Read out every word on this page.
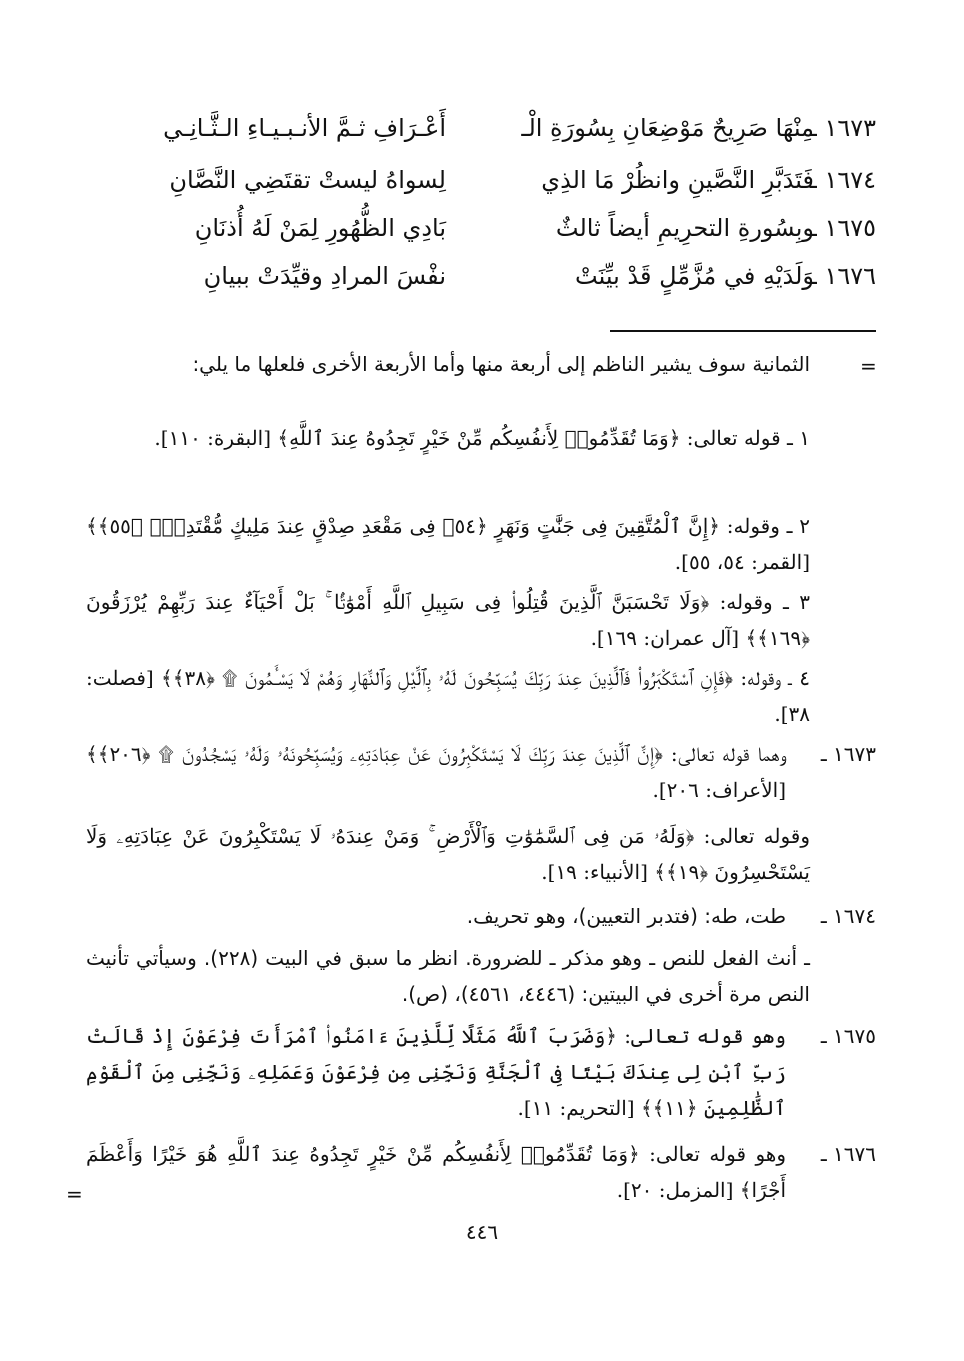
١٦٧٣ ـ
مِنْهَا صَرِيحٌ مَوْضِعَانِ بِسُورَةِ الْـ
أَعْـرَافِ ثـمَّ الأنـبـيـاءِ الـثَّـانِـي
١٦٧٤ ـ
فَتَدَبَّرِ النَّصَّينِ وانظُرْ مَا الذِي
لِسواهُ ليستْ تقتَضِي النَّصَّانِ
١٦٧٥ ـ
وبِسُورةِ التحرِيمِ أيضاً ثالثٌ
بَادِي الظُّهُورِ لِمَنْ لَهُ أُذنَانِ
١٦٧٦ ـ
وَلَدَيْهِ في مُزَّمِّلٍ قَدْ بيِّنَتْ
نفْسَ المرادِ وقيِّدَتْ ببيانِ
=
الثمانية سوف يشير الناظم إلى أربعة منها وأما الأربعة الأخرى فلعلها ما يلي:
١ ـ قوله تعالى: ﴿وَمَا تُقَدِّمُوا۟ لِأَنفُسِكُم مِّنْ خَيْرٍ تَجِدُوهُ عِندَ ٱللَّهِ﴾ [البقرة: ١١٠].
٢ ـ وقوله: ﴿إِنَّ ٱلْمُتَّقِينَ فِى جَنَّٰتٍ وَنَهَرٍ ﴿٥٤﴾ فِى مَقْعَدِ صِدْقٍ عِندَ مَلِيكٍ مُّقْتَدِرٍۭ ﴿٥٥﴾﴾ [القمر: ٥٤، ٥٥].
٣ ـ وقوله: ﴿وَلَا تَحْسَبَنَّ ٱلَّذِينَ قُتِلُوا۟ فِى سَبِيلِ ٱللَّهِ أَمْوَٰتًۢا ۚ بَلْ أَحْيَآءٌ عِندَ رَبِّهِمْ يُرْزَقُونَ ﴿١٦٩﴾﴾ [آل عمران: ١٦٩].
٤ ـ وقوله: ﴿فَإِنِ ٱسْتَكْبَرُوا۟ فَٱلَّذِينَ عِندَ رَبِّكَ يُسَبِّحُونَ لَهُۥ بِٱلَّيْلِ وَٱلنَّهَارِ وَهُمْ لَا يَسْـَٔمُونَ ۩ ﴿٣٨﴾﴾ [فصلت: ٣٨].
١٦٧٣ ـ
وهما قوله تعالى: ﴿إِنَّ ٱلَّذِينَ عِندَ رَبِّكَ لَا يَسْتَكْبِرُونَ عَنْ عِبَادَتِهِۦ وَيُسَبِّحُونَهُۥ وَلَهُۥ يَسْجُدُونَ ۩ ﴿٢٠٦﴾﴾ [الأعراف: ٢٠٦].
وقوله تعالى: ﴿وَلَهُۥ مَن فِى ٱلسَّمَٰوَٰتِ وَٱلْأَرْضِ ۚ وَمَنْ عِندَهُۥ لَا يَسْتَكْبِرُونَ عَنْ عِبَادَتِهِۦ وَلَا يَسْتَحْسِرُونَ ﴿١٩﴾﴾ [الأنبياء: ١٩].
١٦٧٤ ـ
طت، طه: (فتدبر التعيين)، وهو تحريف.
ـ أنث الفعل للنص ـ وهو مذكر ـ للضرورة. انظر ما سبق في البيت (٢٢٨). وسيأتي تأنيث النص مرة أخرى في البيتين: (٤٤٤٦، ٤٥٦١)، (ص).
١٦٧٥ ـ
وهو قوله تعالى: ﴿وَضَرَبَ ٱللَّهُ مَثَلًا لِّلَّذِينَ ءَامَنُوا۟ ٱمْرَأَتَ فِرْعَوْنَ إِذْ قَالَتْ رَبِّ ٱبْنِ لِى عِندَكَ بَيْتًا فِى ٱلْجَنَّةِ وَنَجِّنِى مِن فِرْعَوْنَ وَعَمَلِهِۦ وَنَجِّنِى مِنَ ٱلْقَوْمِ ٱلظَّٰلِمِينَ ﴿١١﴾﴾ [التحريم: ١١].
١٦٧٦ ـ
وهو قوله تعالى: ﴿وَمَا تُقَدِّمُوا۟ لِأَنفُسِكُم مِّنْ خَيْرٍ تَجِدُوهُ عِندَ ٱللَّهِ هُوَ خَيْرًا وَأَعْظَمَ أَجْرًا﴾ [المزمل: ٢٠].
=
٤٤٦
